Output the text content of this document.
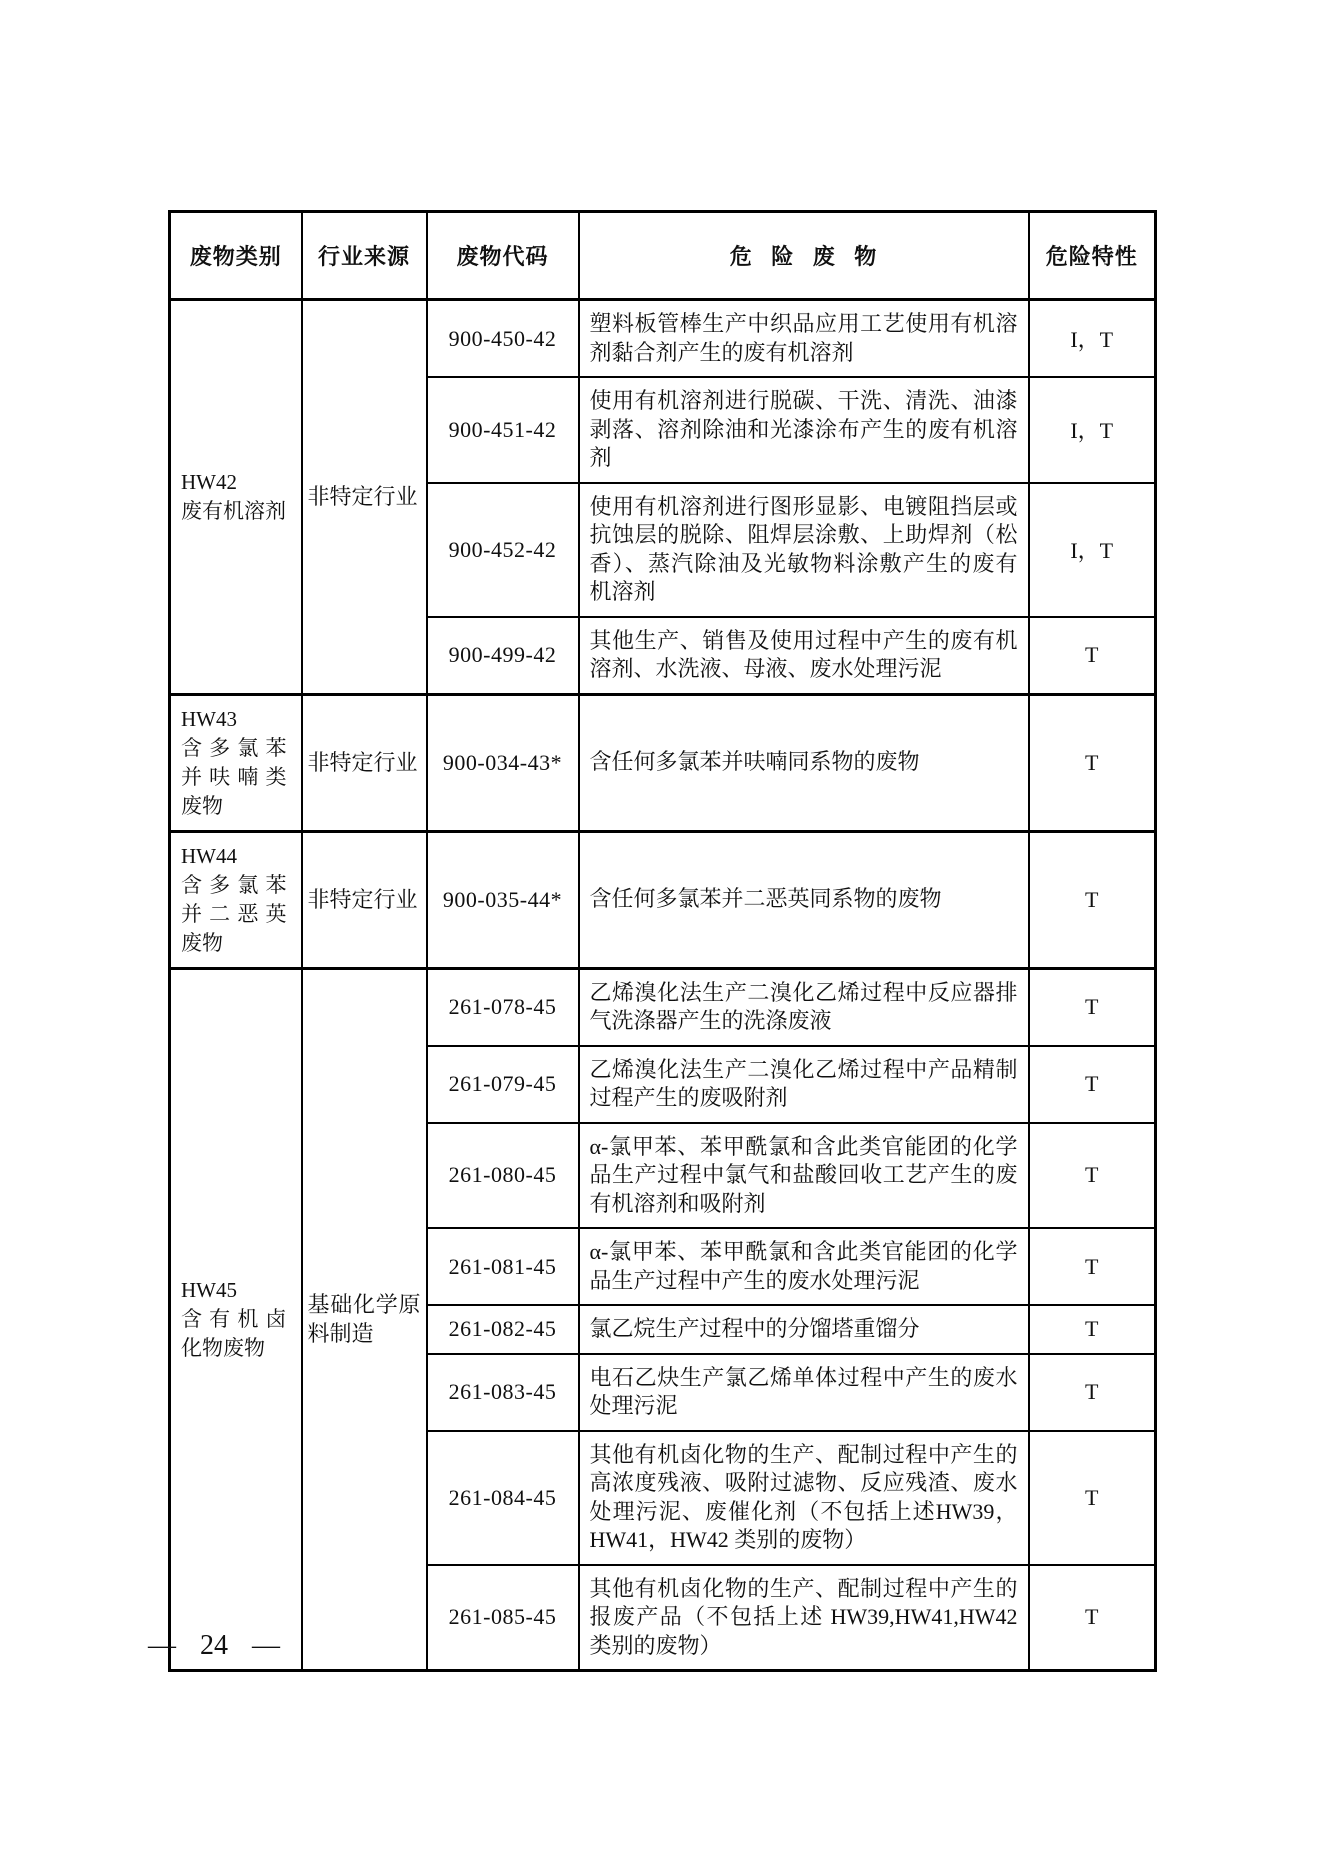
废物类别	行业来源	废物代码	危 险 废 物	危险特性

HW42
废有机溶剂	非特定行业	900-450-42	塑料板管棒生产中织品应用工艺使用有机溶剂黏合剂产生的废有机溶剂	I，T
		900-451-42	使用有机溶剂进行脱碳、干洗、清洗、油漆剥落、溶剂除油和光漆涂布产生的废有机溶剂	I，T
		900-452-42	使用有机溶剂进行图形显影、电镀阻挡层或抗蚀层的脱除、阻焊层涂敷、上助焊剂（松香）、蒸汽除油及光敏物料涂敷产生的废有机溶剂	I，T
		900-499-42	其他生产、销售及使用过程中产生的废有机溶剂、水洗液、母液、废水处理污泥	T

HW43
含多氯苯
并呋喃类
废物	非特定行业	900-034-43*	含任何多氯苯并呋喃同系物的废物	T

HW44
含多氯苯
并二恶英
废物	非特定行业	900-035-44*	含任何多氯苯并二恶英同系物的废物	T

HW45
含有机卤
化物废物	基础化学原料制造	261-078-45	乙烯溴化法生产二溴化乙烯过程中反应器排气洗涤器产生的洗涤废液	T
		261-079-45	乙烯溴化法生产二溴化乙烯过程中产品精制过程产生的废吸附剂	T
		261-080-45	α-氯甲苯、苯甲酰氯和含此类官能团的化学品生产过程中氯气和盐酸回收工艺产生的废有机溶剂和吸附剂	T
		261-081-45	α-氯甲苯、苯甲酰氯和含此类官能团的化学品生产过程中产生的废水处理污泥	T
		261-082-45	氯乙烷生产过程中的分馏塔重馏分	T
		261-083-45	电石乙炔生产氯乙烯单体过程中产生的废水处理污泥	T
		261-084-45	其他有机卤化物的生产、配制过程中产生的高浓度残液、吸附过滤物、反应残渣、废水处理污泥、废催化剂（不包括上述HW39，HW41，HW42 类别的废物）	T
		261-085-45	其他有机卤化物的生产、配制过程中产生的报废产品（不包括上述 HW39,HW41,HW42 类别的废物）	T
— 24 —
